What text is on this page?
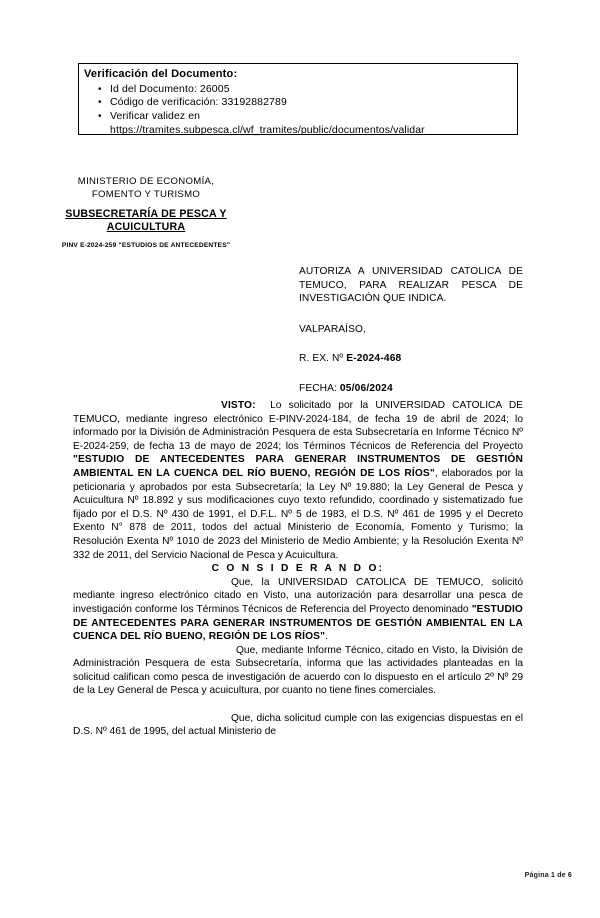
Verificación del Documento:
• Id del Documento: 26005
• Código de verificación: 33192882789
• Verificar validez en
https://tramites.subpesca.cl/wf_tramites/public/documentos/validar
MINISTERIO DE ECONOMÍA,
FOMENTO Y TURISMO
SUBSECRETARÍA DE PESCA Y
ACUICULTURA
PINV E-2024-259 "ESTUDIOS DE ANTECEDENTES"
AUTORIZA A UNIVERSIDAD CATOLICA DE TEMUCO, PARA REALIZAR PESCA DE INVESTIGACIÓN QUE INDICA.
VALPARAÍSO,
R. EX. Nº E-2024-468
FECHA: 05/06/2024

VISTO: Lo solicitado por la UNIVERSIDAD CATOLICA DE TEMUCO, mediante ingreso electrónico E-PINV-2024-184, de fecha 19 de abril de 2024; lo informado por la División de Administración Pesquera de esta Subsecretaría en Informe Técnico Nº E-2024-259, de fecha 13 de mayo de 2024; los Términos Técnicos de Referencia del Proyecto "ESTUDIO DE ANTECEDENTES PARA GENERAR INSTRUMENTOS DE GESTIÓN AMBIENTAL EN LA CUENCA DEL RÍO BUENO, REGIÓN DE LOS RÍOS", elaborados por la peticionaria y aprobados por esta Subsecretaría; la Ley Nº 19.880; la Ley General de Pesca y Acuicultura Nº 18.892 y sus modificaciones cuyo texto refundido, coordinado y sistematizado fue fijado por el D.S. Nº 430 de 1991, el D.F.L. Nº 5 de 1983, el D.S. Nº 461 de 1995 y el Decreto Exento N° 878 de 2011, todos del actual Ministerio de Economía, Fomento y Turismo; la Resolución Exenta Nº 1010 de 2023 del Ministerio de Medio Ambiente; y la Resolución Exenta Nº 332 de 2011, del Servicio Nacional de Pesca y Acuicultura.

C O N S I D E R A N D O:

Que, la UNIVERSIDAD CATOLICA DE TEMUCO, solicitó mediante ingreso electrónico citado en Visto, una autorización para desarrollar una pesca de investigación conforme los Términos Técnicos de Referencia del Proyecto denominado "ESTUDIO DE ANTECEDENTES PARA GENERAR INSTRUMENTOS DE GESTIÓN AMBIENTAL EN LA CUENCA DEL RÍO BUENO, REGIÓN DE LOS RÍOS".

Que, mediante Informe Técnico, citado en Visto, la División de Administración Pesquera de esta Subsecretaría, informa que las actividades planteadas en la solicitud califican como pesca de investigación de acuerdo con lo dispuesto en el artículo 2º Nº 29 de la Ley General de Pesca y acuicultura, por cuanto no tiene fines comerciales.

Que, dicha solicitud cumple con las exigencias dispuestas en el D.S. Nº 461 de 1995, del actual Ministerio de

Página 1 de 6
